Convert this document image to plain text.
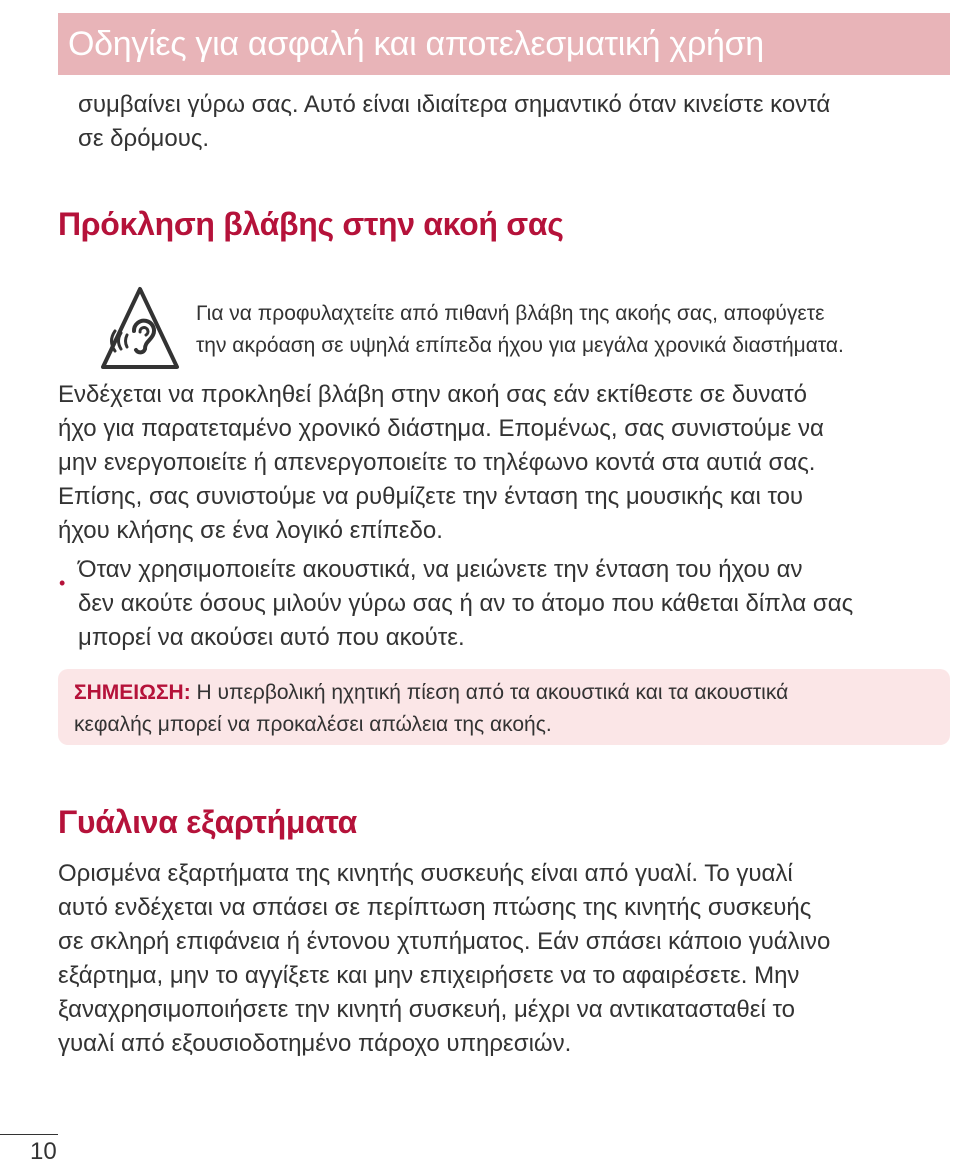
Οδηγίες για ασφαλή και αποτελεσματική χρήση

συμβαίνει γύρω σας. Αυτό είναι ιδιαίτερα σημαντικό όταν κινείστε κοντά

σε δρόμους.

Πρόκληση βλάβης στην ακοή σας

Για να προφυλαχτείτε από πιθανή βλάβη της ακοής σας, αποφύγετε

την ακρόαση σε υψηλά επίπεδα ήχου για μεγάλα χρονικά διαστήματα.

Ενδέχεται να προκληθεί βλάβη στην ακοή σας εάν εκτίθεστε σε δυνατό

ήχο για παρατεταμένο χρονικό διάστημα. Επομένως, σας συνιστούμε να

μην ενεργοποιείτε ή απενεργοποιείτε το τηλέφωνο κοντά στα αυτιά σας.

Επίσης, σας συνιστούμε να ρυθμίζετε την ένταση της μουσικής και του

ήχου κλήσης σε ένα λογικό επίπεδο.

• Όταν χρησιμοποιείτε ακουστικά, να μειώνετε την ένταση του ήχου αν

δεν ακούτε όσους μιλούν γύρω σας ή αν το άτομο που κάθεται δίπλα σας

μπορεί να ακούσει αυτό που ακούτε.

ΣΗΜΕΙΩΣΗ: Η υπερβολική ηχητική πίεση από τα ακουστικά και τα ακουστικά
κεφαλής μπορεί να προκαλέσει απώλεια της ακοής.
Γυάλινα εξαρτήματα

Ορισμένα εξαρτήματα της κινητής συσκευής είναι από γυαλί. Το γυαλί

αυτό ενδέχεται να σπάσει σε περίπτωση πτώσης της κινητής συσκευής

σε σκληρή επιφάνεια ή έντονου χτυπήματος. Εάν σπάσει κάποιο γυάλινο

εξάρτημα, μην το αγγίξετε και μην επιχειρήσετε να το αφαιρέσετε. Μην

ξαναχρησιμοποιήσετε την κινητή συσκευή, μέχρι να αντικατασταθεί το

γυαλί από εξουσιοδοτημένο πάροχο υπηρεσιών.

10
